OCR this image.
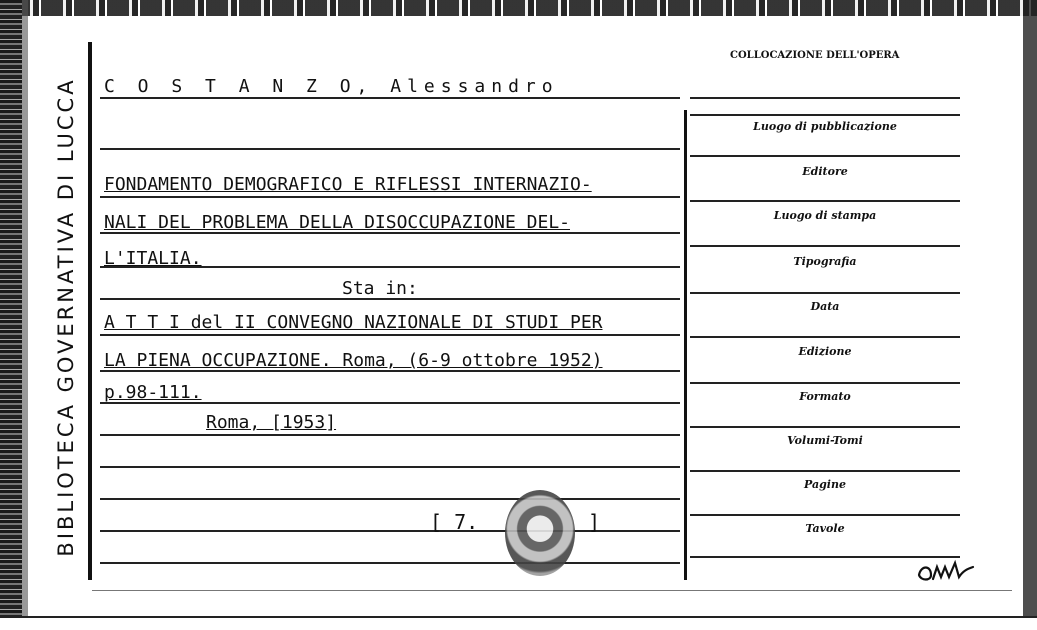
BIBLIOTECA GOVERNATIVA DI LUCCA	C O S T A N Z O, Alessandro
FONDAMENTO DEMOGRAFICO E RIFLESSI INTERNAZIO-
NALI DEL PROBLEMA DELLA DISOCCUPAZIONE DEL-
L'ITALIA.
Sta in:
A T T I del II CONVEGNO NAZIONALE DI STUDI PER
LA PIENA OCCUPAZIONE. Roma, (6-9 ottobre 1952)
p.98-111.
Roma, [1953]
[ 7.	]
COLLOCAZIONE DELL'OPERA
Luogo di pubblicazione
Editore
Luogo di stampa
Tipografia
Data
Edizione
Formato
Volumi-Tomi
Pagine
Tavole
